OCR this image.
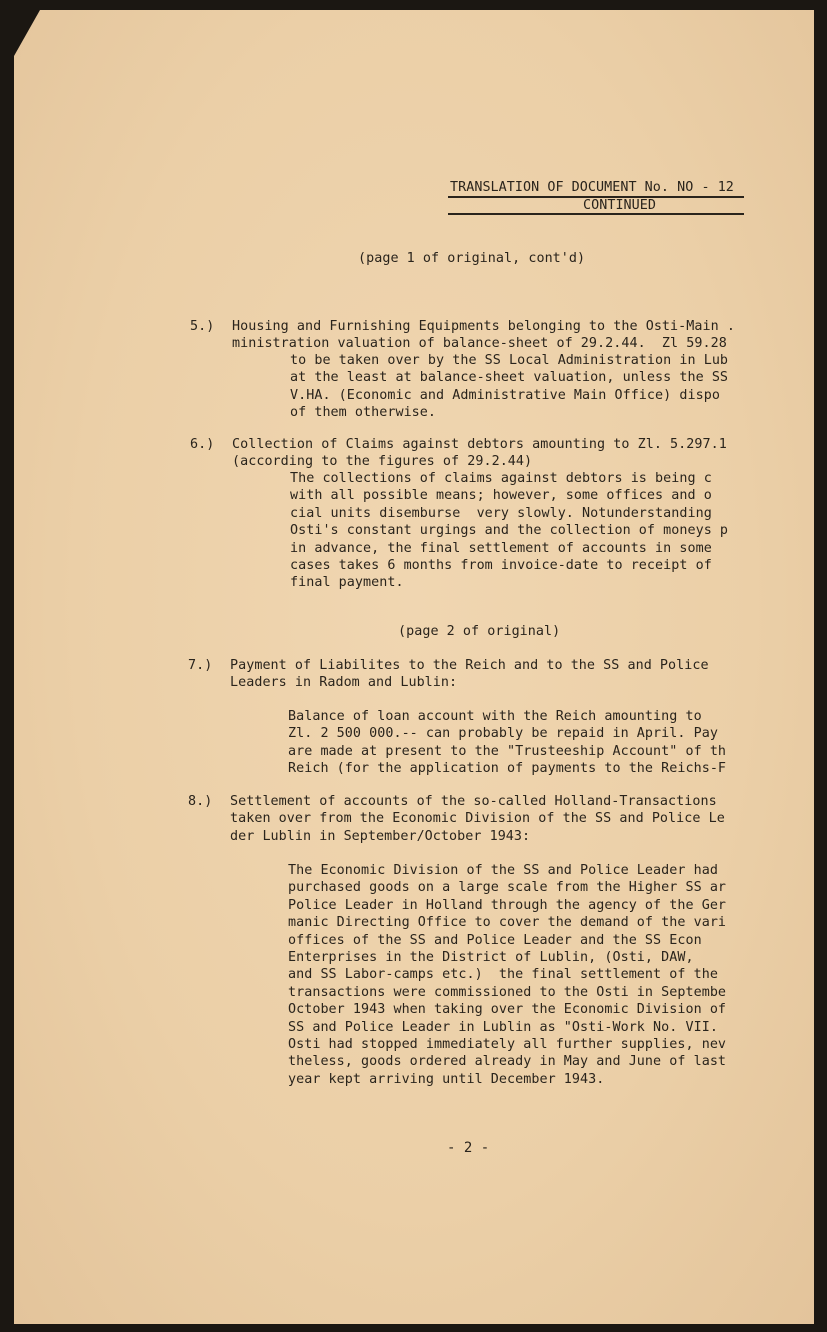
TRANSLATION OF DOCUMENT No. NO - 12
CONTINUED
(page 1 of original, cont'd)
5.) Housing and Furnishing Equipments belonging to the Osti-Main .
ministration valuation of balance-sheet of 29.2.44.  Zl 59.28
to be taken over by the SS Local Administration in Lub
at the least at balance-sheet valuation, unless the SS
V.HA. (Economic and Administrative Main Office) dispo
of them otherwise.
6.) Collection of Claims against debtors amounting to Zl. 5.297.1
(according to the figures of 29.2.44)
The collections of claims against debtors is being c
with all possible means; however, some offices and o
cial units disemburse  very slowly. Notunderstanding
Osti's constant urgings and the collection of moneys p
in advance, the final settlement of accounts in some
cases takes 6 months from invoice-date to receipt of
final payment.
(page 2 of original)
7.) Payment of Liabilites to the Reich and to the SS and Police
Leaders in Radom and Lublin:
Balance of loan account with the Reich amounting to
Zl. 2 500 000.-- can probably be repaid in April. Pay
are made at present to the "Trusteeship Account" of th
Reich (for the application of payments to the Reichs-F
8.) Settlement of accounts of the so-called Holland-Transactions
taken over from the Economic Division of the SS and Police Le
der Lublin in September/October 1943:
The Economic Division of the SS and Police Leader had
purchased goods on a large scale from the Higher SS ar
Police Leader in Holland through the agency of the Ger
manic Directing Office to cover the demand of the vari
offices of the SS and Police Leader and the SS Econ
Enterprises in the District of Lublin, (Osti, DAW,
and SS Labor-camps etc.)  the final settlement of the
transactions were commissioned to the Osti in Septembe
October 1943 when taking over the Economic Division of
SS and Police Leader in Lublin as "Osti-Work No. VII.
Osti had stopped immediately all further supplies, nev
theless, goods ordered already in May and June of last
year kept arriving until December 1943.
- 2 -
